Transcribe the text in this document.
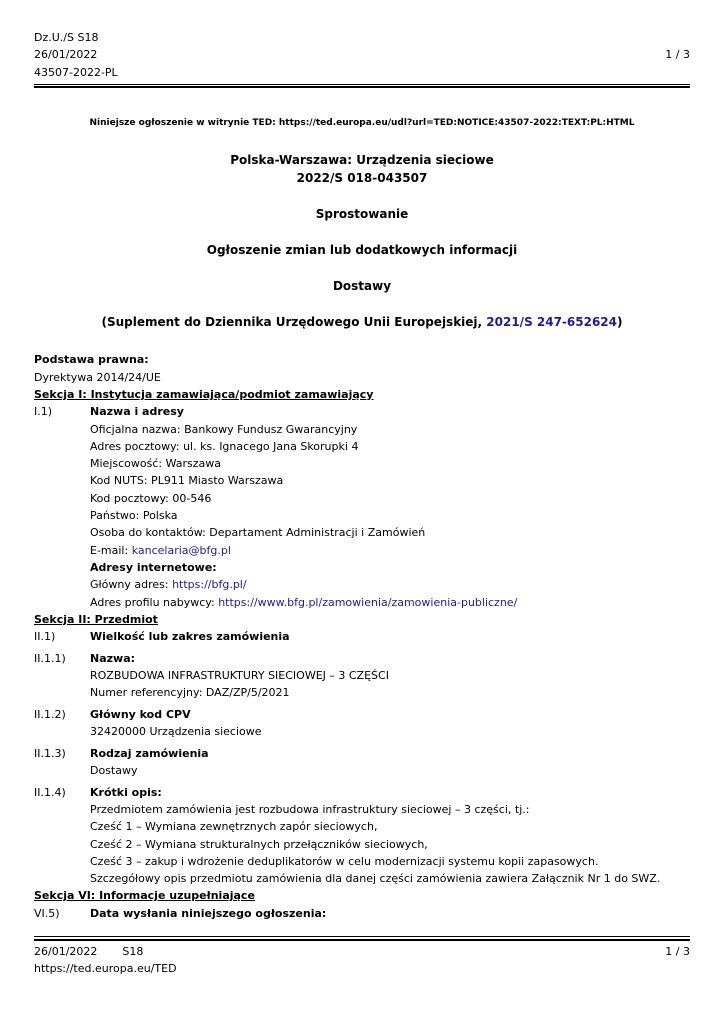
Dz.U./S S18
26/01/2022
43507-2022-PL
1 / 3
Niniejsze ogłoszenie w witrynie TED: https://ted.europa.eu/udl?url=TED:NOTICE:43507-2022:TEXT:PL:HTML
Polska-Warszawa: Urządzenia sieciowe
2022/S 018-043507
Sprostowanie
Ogłoszenie zmian lub dodatkowych informacji
Dostawy
(Suplement do Dziennika Urzędowego Unii Europejskiej, 2021/S 247-652624)
Podstawa prawna:
Dyrektywa 2014/24/UE
Sekcja I: Instytucja zamawiająca/podmiot zamawiający
I.1)	Nazwa i adresy
Oficjalna nazwa: Bankowy Fundusz Gwarancyjny
Adres pocztowy: ul. ks. Ignacego Jana Skorupki 4
Miejscowość: Warszawa
Kod NUTS: PL911 Miasto Warszawa
Kod pocztowy: 00-546
Państwo: Polska
Osoba do kontaktów: Departament Administracji i Zamówień
E-mail: kancelaria@bfg.pl
Adresy internetowe:
Główny adres: https://bfg.pl/
Adres profilu nabywcy: https://www.bfg.pl/zamowienia/zamowienia-publiczne/
Sekcja II: Przedmiot
II.1)	Wielkość lub zakres zamówienia
II.1.1)	Nazwa:
ROZBUDOWA INFRASTRUKTURY SIECIOWEJ – 3 CZĘŚCI
Numer referencyjny: DAZ/ZP/5/2021
II.1.2)	Główny kod CPV
32420000 Urządzenia sieciowe
II.1.3)	Rodzaj zamówienia
Dostawy
II.1.4)	Krótki opis:
Przedmiotem zamówienia jest rozbudowa infrastruktury sieciowej – 3 części, tj.:
Cześć 1 – Wymiana zewnętrznych zapór sieciowych,
Cześć 2 – Wymiana strukturalnych przełączników sieciowych,
Cześć 3 – zakup i wdrożenie deduplikatorów w celu modernizacji systemu kopii zapasowych.
Szczegółowy opis przedmiotu zamówienia dla danej części zamówienia zawiera Załącznik Nr 1 do SWZ.
Sekcja VI: Informacje uzupełniające
VI.5)	Data wysłania niniejszego ogłoszenia:
26/01/2022 S18	1 / 3
https://ted.europa.eu/TED
